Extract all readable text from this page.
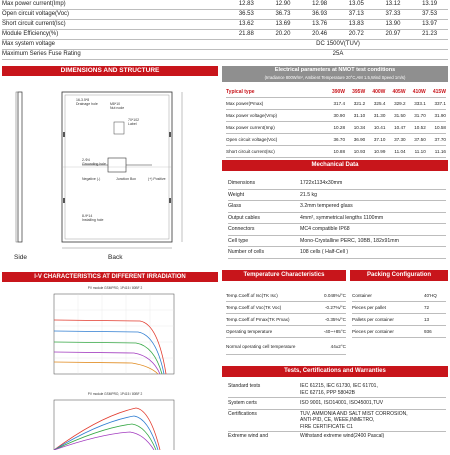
Max power current(Imp)	12.83	12.90	12.98	13.05	13.12	13.19
Open circuit voltage(Voc)	36.53	36.73	36.93	37.13	37.33	37.53
Short circuit current(Isc)	13.62	13.69	13.76	13.83	13.90	13.97
Module Efficiency(%)	21.88	20.20	20.46	20.72	20.97	21.23
Max system voltage	DC 1500V(TUV)
Maximum Series Fuse Rating	25A
DIMENSIONS AND STRUCTURE
16-3.5*8
Drainage hole	M8*10
Nut node
70*102
Label
2-Φ4
Grounding hole
Negative (-)	Junction Box	(+) Positive
8-9*14
Installing hole
Side	Back
I-V CHARACTERISTICS AT DIFFERENT IRRADIATION
PV module GSMPRO, 1P415 / 80BF 2
PV module GSMPRO, 1P415 / 80BF 2
Electrical parameters at NMOT test conditions
(Irradiance 800W/m², Ambient Temperature 20°C,AM 1.5,Wind Speed 1m/s)
Typical type	390W	395W	400W	405W	410W	415W
Max power(Pmax)	317.4	321.2	325.4	329.2	333.1	337.1
Max power voltage(Vmp)	30.90	31.10	31.30	31.50	31.70	31.90
Max power current(Imp)	10.28	10.34	10.41	10.47	10.52	10.58
Open circuit voltage(Voc)	36.70	36.90	37.10	37.30	37.50	37.70
Short circuit current(Isc)	10.88	10.93	10.99	11.04	11.10	11.16
Mechanical Data
Dimensions	1722x1134x30mm
Weight	21.5 kg
Glass	3.2mm tempered glass
Output cables	4mm², symmetrical lengths 1100mm
Connectors	MC4 compatible IP68
Cell type	Mono-Crystalline PERC, 10BB, 182x91mm
Number of cells	108 cells ( Half-Cell )
Temperature Characteristics
Temp.Coeff.of Isc(TK Isc)	0.048%/°C
Temp.Coeff.of Voc(TK Voc)	-0.27%/°C
Temp.Coeff.of Pmax(TK Pmax)	-0.35%/°C
Operating temperature	-40~+85°C
Normal operating cell temperature	44±2°C
Packing Configuration
Container	40'HQ
Pieces per pallet	72
Pallets per container	13
Pieces per container	936
Tests, Certifications and Warranties
Standard tests	IEC 61215, IEC 61730, IEC 61701,
IEC 62716, PPP 58042B
System certs	ISO 9001, ISO14001, ISO45001,TUV
Certifications	TUV, AMMONIA AND SALT MIST CORROSION,
ANTI-PID, CE, WEEE,INMETRO,
FIRE CERTIFICATE C1
Extreme wind and	Withstand extreme wind(2400 Pascal)
